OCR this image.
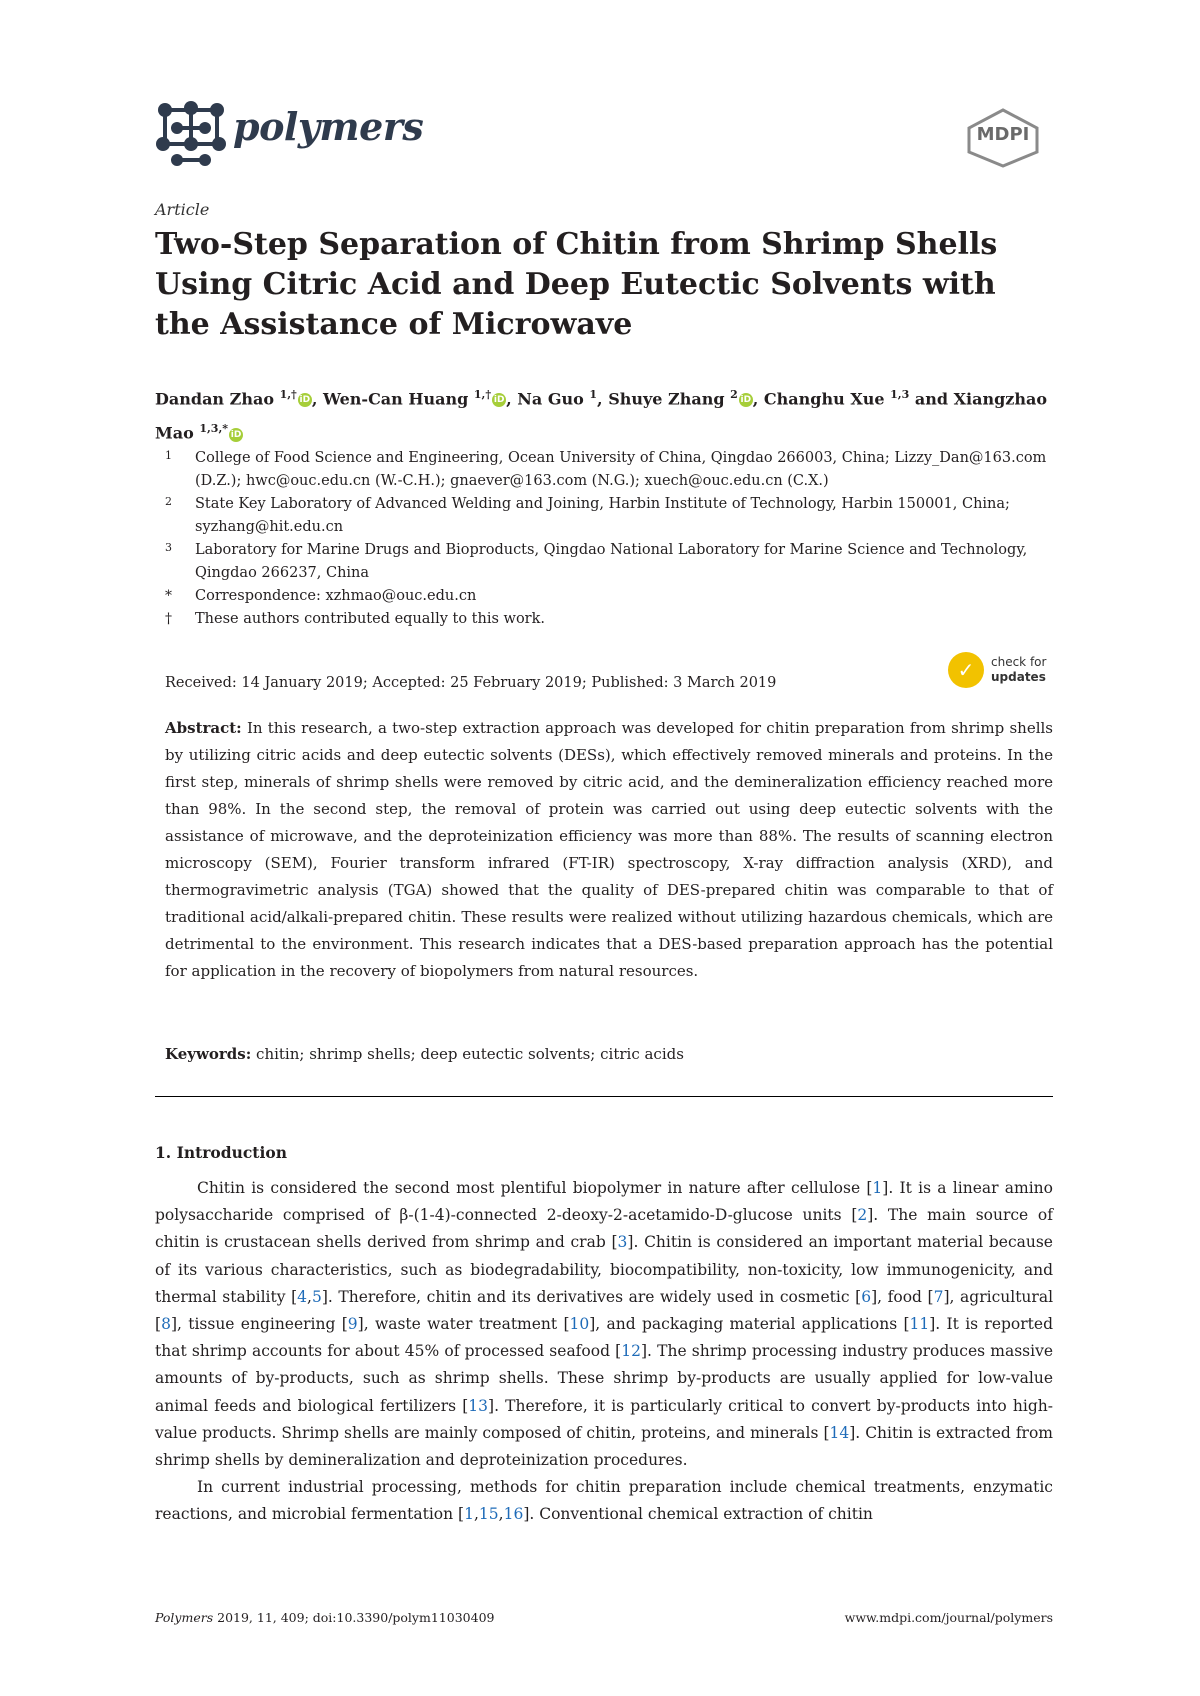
polymers	MDPI
Article
Two-Step Separation of Chitin from Shrimp Shells Using Citric Acid and Deep Eutectic Solvents with the Assistance of Microwave
Dandan Zhao $^{1,\dagger}$ iD , Wen-Can Huang $^{1,\dagger}$ iD , Na Guo $^1$, Shuye Zhang $^2$ iD , Changhu Xue $^{1,3}$ and Xiangzhao Mao $^{1,3,*}$ iD
1 College of Food Science and Engineering, Ocean University of China, Qingdao 266003, China; Lizzy_Dan@163.com (D.Z.); hwc@ouc.edu.cn (W.-C.H.); gnaever@163.com (N.G.); xuech@ouc.edu.cn (C.X.)
2 State Key Laboratory of Advanced Welding and Joining, Harbin Institute of Technology, Harbin 150001, China; syzhang@hit.edu.cn
3 Laboratory for Marine Drugs and Bioproducts, Qingdao National Laboratory for Marine Science and Technology, Qingdao 266237, China
* Correspondence: xzhmao@ouc.edu.cn
† These authors contributed equally to this work.
Received: 14 January 2019; Accepted: 25 February 2019; Published: 3 March 2019
✓	check for
updates

Abstract: In this research, a two-step extraction approach was developed for chitin preparation from shrimp shells by utilizing citric acids and deep eutectic solvents (DESs), which effectively removed minerals and proteins. In the first step, minerals of shrimp shells were removed by citric acid, and the demineralization efficiency reached more than 98%. In the second step, the removal of protein was carried out using deep eutectic solvents with the assistance of microwave, and the deproteinization efficiency was more than 88%. The results of scanning electron microscopy (SEM), Fourier transform infrared (FT-IR) spectroscopy, X-ray diffraction analysis (XRD), and thermogravimetric analysis (TGA) showed that the quality of DES-prepared chitin was comparable to that of traditional acid/alkali-prepared chitin. These results were realized without utilizing hazardous chemicals, which are detrimental to the environment. This research indicates that a DES-based preparation approach has the potential for application in the recovery of biopolymers from natural resources.

Keywords: chitin; shrimp shells; deep eutectic solvents; citric acids
1. Introduction

Chitin is considered the second most plentiful biopolymer in nature after cellulose [1]. It is a linear amino polysaccharide comprised of β-(1-4)-connected 2-deoxy-2-acetamido-D-glucose units [2]. The main source of chitin is crustacean shells derived from shrimp and crab [3]. Chitin is considered an important material because of its various characteristics, such as biodegradability, biocompatibility, non-toxicity, low immunogenicity, and thermal stability [4,5]. Therefore, chitin and its derivatives are widely used in cosmetic [6], food [7], agricultural [8], tissue engineering [9], waste water treatment [10], and packaging material applications [11]. It is reported that shrimp accounts for about 45% of processed seafood [12]. The shrimp processing industry produces massive amounts of by-products, such as shrimp shells. These shrimp by-products are usually applied for low-value animal feeds and biological fertilizers [13]. Therefore, it is particularly critical to convert by-products into high-value products. Shrimp shells are mainly composed of chitin, proteins, and minerals [14]. Chitin is extracted from shrimp shells by demineralization and deproteinization procedures.

In current industrial processing, methods for chitin preparation include chemical treatments, enzymatic reactions, and microbial fermentation [1,15,16]. Conventional chemical extraction of chitin

Polymers 2019, 11, 409; doi:10.3390/polym11030409	www.mdpi.com/journal/polymers
